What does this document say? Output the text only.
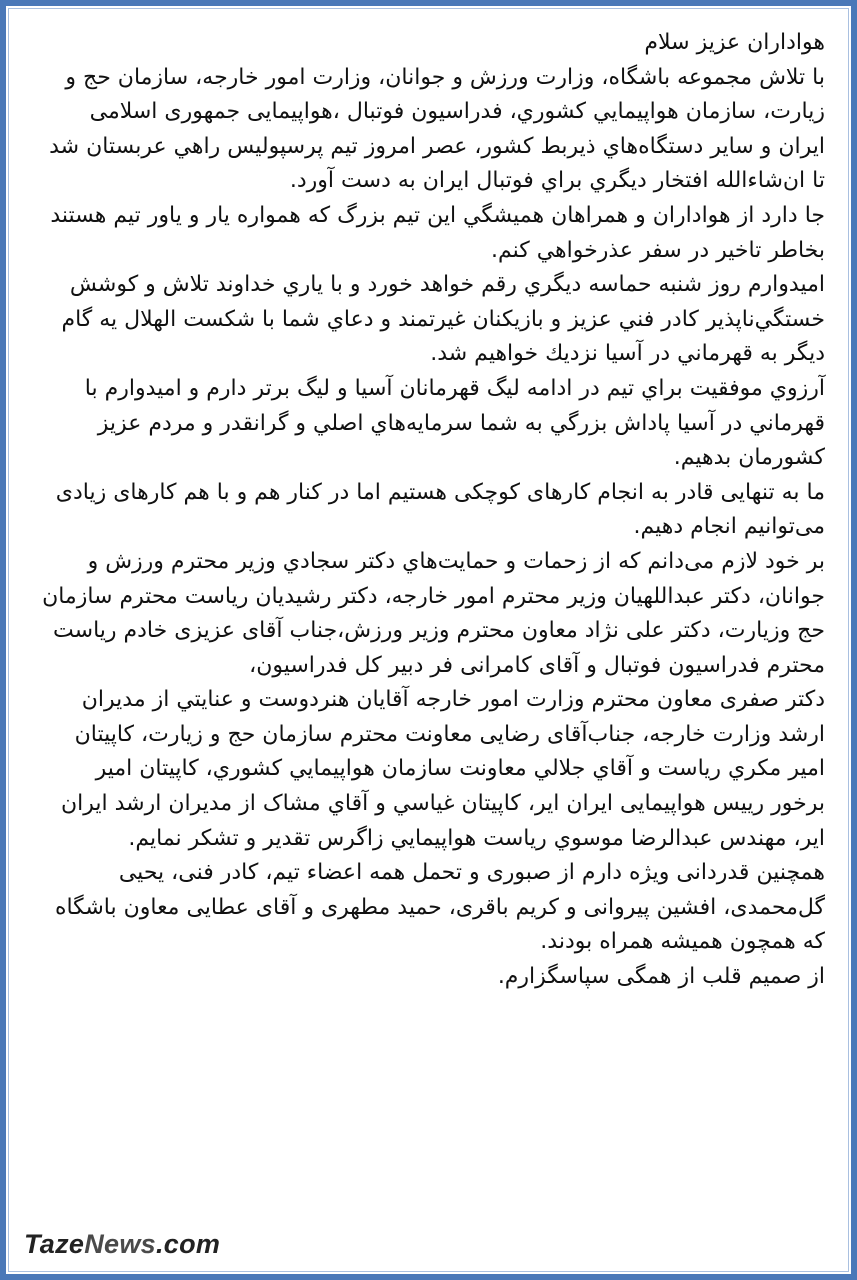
هواداران عزيز سلام

با تلاش مجموعه باشگاه، وزارت ورزش و جوانان، وزارت امور خارجه، سازمان حج و زيارت، سازمان هواپيمايي کشوري، فدراسيون فوتبال ،هواپیمایی جمهوری اسلامی ایران و ساير دستگاه‌هاي ذيربط کشور، عصر امروز تيم پرسپوليس راهي عربستان شد تا ان‌شاءالله افتخار ديگري براي فوتبال ايران به دست آورد.

جا دارد از هواداران و همراهان هميشگي اين تيم بزرگ که همواره يار و ياور تيم هستند بخاطر تاخير در سفر عذرخواهي کنم.

اميدوارم روز شنبه حماسه ديگري رقم خواهد خورد و با ياري خداوند تلاش و کوشش خستگي‌ناپذير کادر فني عزيز و بازيکنان غيرتمند و دعاي شما با شكست الهلال يه گام ديگر به قهرماني در آسيا نزديك خواهيم شد.

آرزوي موفقيت براي تيم در ادامه ليگ قهرمانان آسيا و ليگ برتر دارم و اميدوارم با قهرماني در آسيا پاداش بزرگي به شما سرمايه‌هاي اصلي و گرانقدر و مردم عزيز کشورمان بدهيم.

ما به تنهایی قادر به انجام کارهای کوچکی هستیم اما در کنار هم و با هم کارهای زیادی می‌توانیم انجام دهیم.

بر خود لازم می‌دانم که از زحمات و حمایت‌هاي دکتر سجادي وزير محترم ورزش و جوانان، دکتر عبداللهیان وزیر محترم امور خارجه، دکتر رشیدیان ریاست محترم سازمان حج وزیارت، دکتر علی نژاد معاون محترم وزیر ورزش،جناب آقای عزیزی خادم ریاست محترم فدراسیون فوتبال و آقای کامرانی فر دبیر کل فدراسیون،

دکتر صفری معاون محترم وزارت امور خارجه آقایان هنردوست و عنايتي از مديران ارشد وزارت خارجه، جناب‌آقای رضایی معاونت محترم سازمان حج و زیارت، کاپیتان امیر مکري رياست و آقاي جلالي معاونت سازمان هواپيمايي کشوري، کاپیتان امیر برخور ریيس هواپیمایی ایران ایر، کاپيتان غياسي و آقاي مشاک از مديران ارشد ایران ایر، مهندس عبدالرضا موسوي رياست هواپيمايي زاگرس تقدير و تشکر نمايم.

همچنین قدردانی ویژه دارم از صبوری و تحمل همه اعضاء تیم، کادر فنی، یحیی گل‌محمدی، افشین پیروانی و کریم باقری، حمید مطهری و آقای عطایی معاون باشگاه که همچون همیشه همراه بودند.

از صمیم قلب از همگی سپاسگزارم.

TazeNews.com
